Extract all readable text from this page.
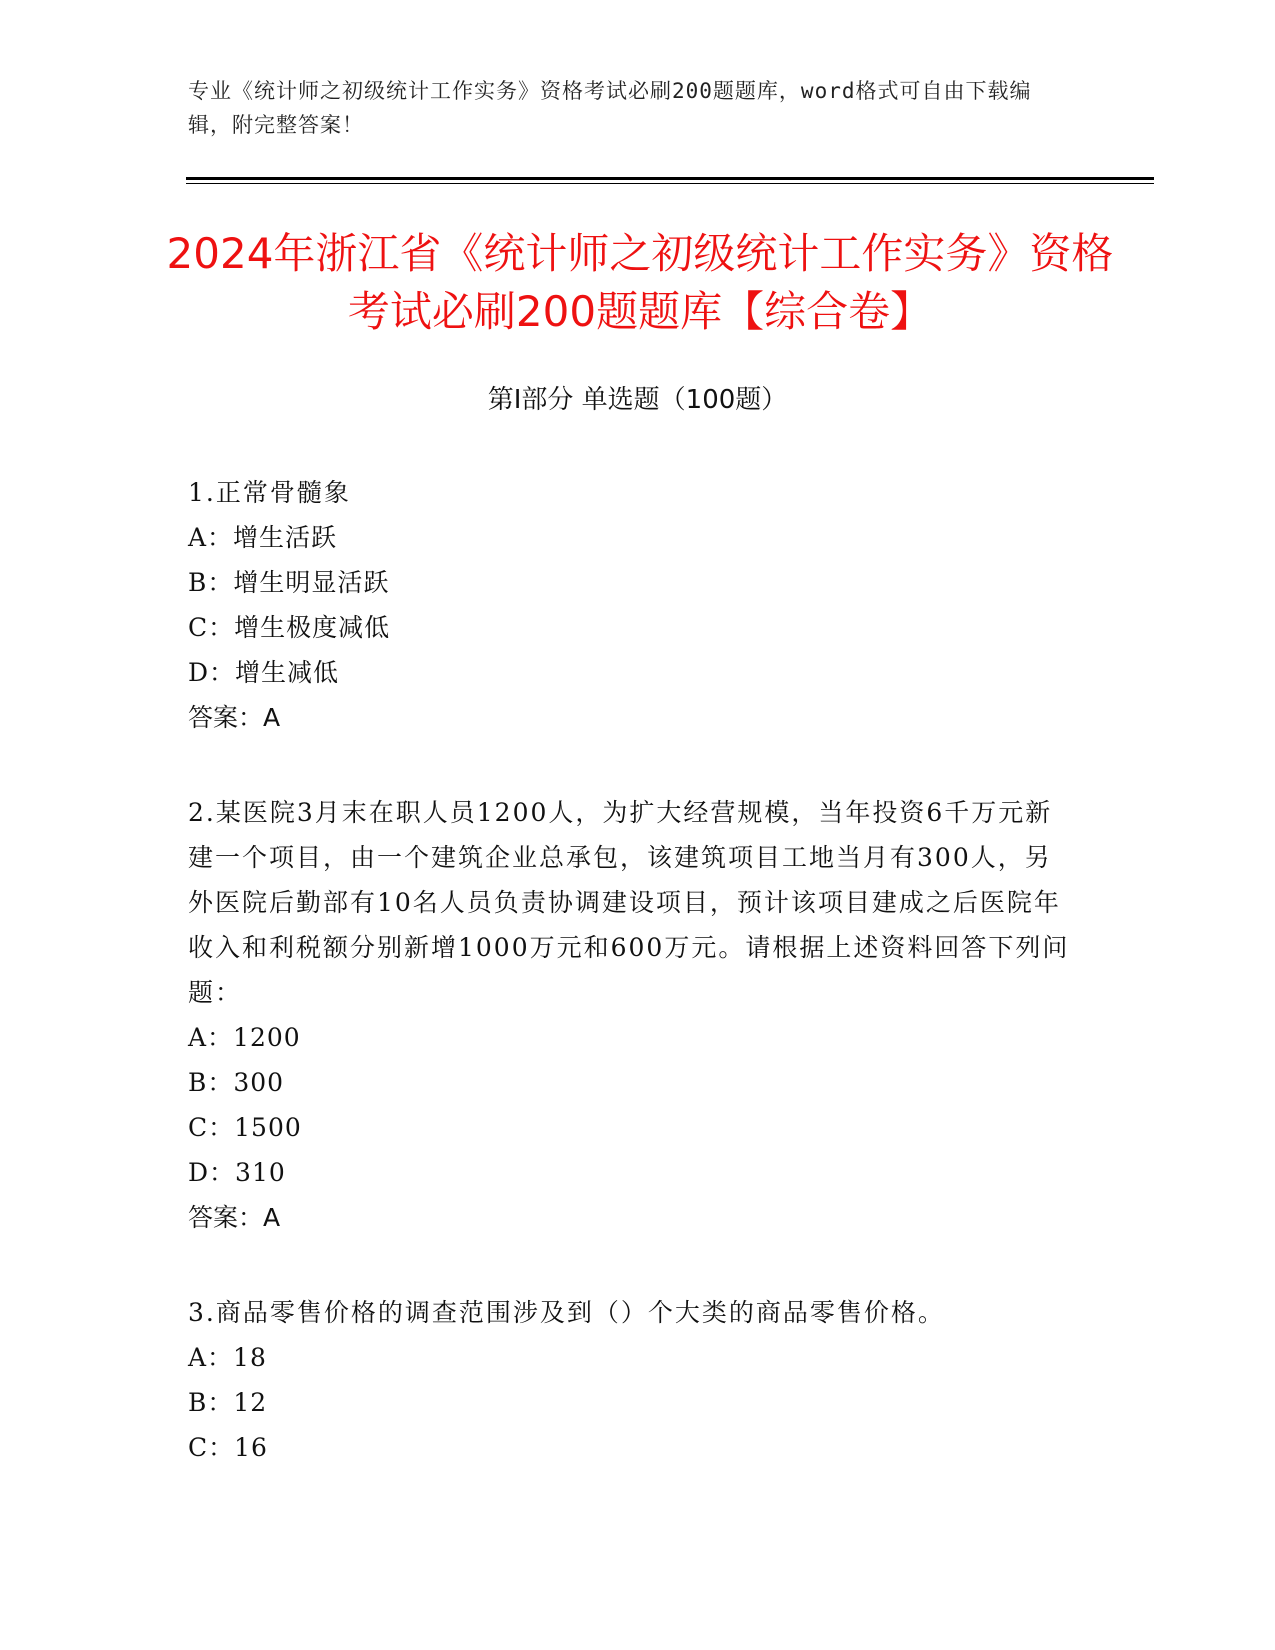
专业《统计师之初级统计工作实务》资格考试必刷200题题库，word格式可自由下载编辑，附完整答案！
2024年浙江省《统计师之初级统计工作实务》资格考试必刷200题题库【综合卷】
第I部分 单选题（100题）

1.正常骨髓象

A：增生活跃

B：增生明显活跃

C：增生极度减低

D：增生减低

答案：A

2.某医院3月末在职人员1200人，为扩大经营规模，当年投资6千万元新建一个项目，由一个建筑企业总承包，该建筑项目工地当月有300人，另外医院后勤部有10名人员负责协调建设项目，预计该项目建成之后医院年收入和利税额分别新增1000万元和600万元。请根据上述资料回答下列问题：

A：1200

B：300

C：1500

D：310

答案：A

3.商品零售价格的调查范围涉及到（）个大类的商品零售价格。

A：18

B：12

C：16
